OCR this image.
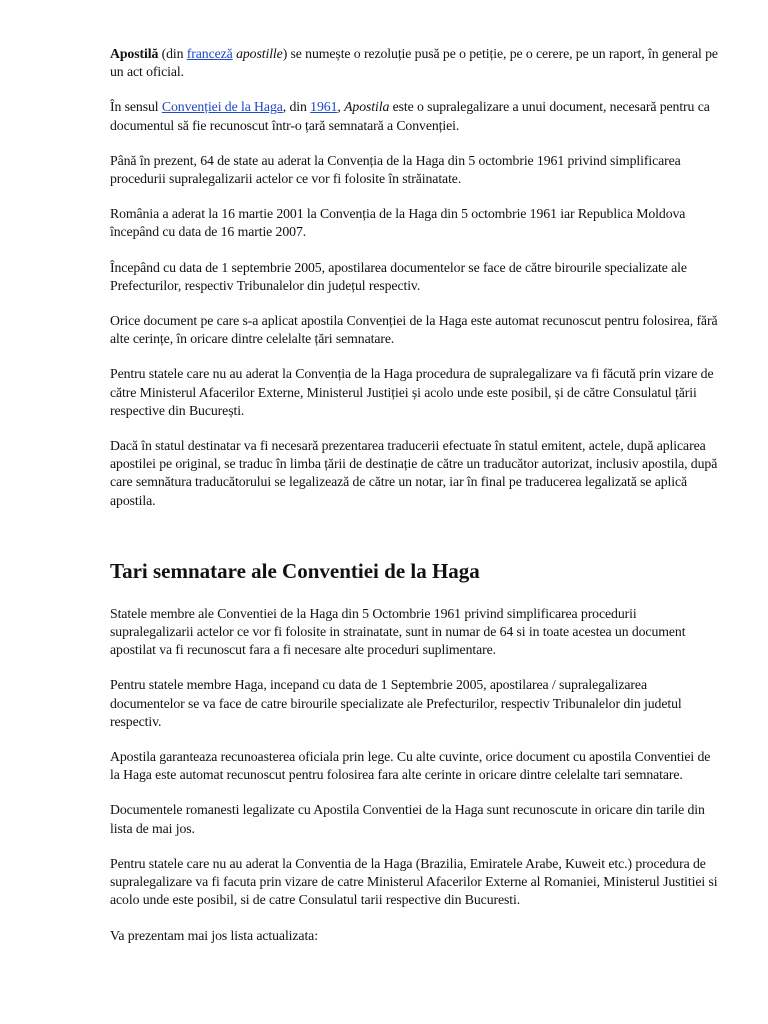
Apostilă (din franceză apostille) se numește o rezoluție pusă pe o petiție, pe o cerere, pe un raport, în general pe un act oficial.

În sensul Convenției de la Haga, din 1961, Apostila este o supralegalizare a unui document, necesară pentru ca documentul să fie recunoscut într-o țară semnatară a Convenției.

Până în prezent, 64 de state au aderat la Convenția de la Haga din 5 octombrie 1961 privind simplificarea procedurii supralegalizarii actelor ce vor fi folosite în străinatate.

România a aderat la 16 martie 2001 la Convenția de la Haga din 5 octombrie 1961 iar Republica Moldova începând cu data de 16 martie 2007.

Începând cu data de 1 septembrie 2005, apostilarea documentelor se face de către birourile specializate ale Prefecturilor, respectiv Tribunalelor din județul respectiv.

Orice document pe care s-a aplicat apostila Convenției de la Haga este automat recunoscut pentru folosirea, fără alte cerințe, în oricare dintre celelalte țări semnatare.

Pentru statele care nu au aderat la Convenția de la Haga procedura de supralegalizare va fi făcută prin vizare de către Ministerul Afacerilor Externe, Ministerul Justiției și acolo unde este posibil, și de către Consulatul țării respective din București.

Dacă în statul destinatar va fi necesară prezentarea traducerii efectuate în statul emitent, actele, după aplicarea apostilei pe original, se traduc în limba țării de destinație de către un traducător autorizat, inclusiv apostila, după care semnătura traducătorului se legalizează de către un notar, iar în final pe traducerea legalizată se aplică apostila.

Tari semnatare ale Conventiei de la Haga

Statele membre ale Conventiei de la Haga din 5 Octombrie 1961 privind simplificarea procedurii supralegalizarii actelor ce vor fi folosite in strainatate, sunt in numar de 64 si in toate acestea un document apostilat va fi recunoscut fara a fi necesare alte proceduri suplimentare.

Pentru statele membre Haga, incepand cu data de 1 Septembrie 2005, apostilarea / supralegalizarea documentelor se va face de catre birourile specializate ale Prefecturilor, respectiv Tribunalelor din judetul respectiv.

Apostila garanteaza recunoasterea oficiala prin lege. Cu alte cuvinte, orice document cu apostila Conventiei de la Haga este automat recunoscut pentru folosirea fara alte cerinte in oricare dintre celelalte tari semnatare.

Documentele romanesti legalizate cu Apostila Conventiei de la Haga sunt recunoscute in oricare din tarile din lista de mai jos.

Pentru statele care nu au aderat la Conventia de la Haga (Brazilia, Emiratele Arabe, Kuweit etc.) procedura de supralegalizare va fi facuta prin vizare de catre Ministerul Afacerilor Externe al Romaniei, Ministerul Justitiei si acolo unde este posibil, si de catre Consulatul tarii respective din Bucuresti.

Va prezentam mai jos lista actualizata:
